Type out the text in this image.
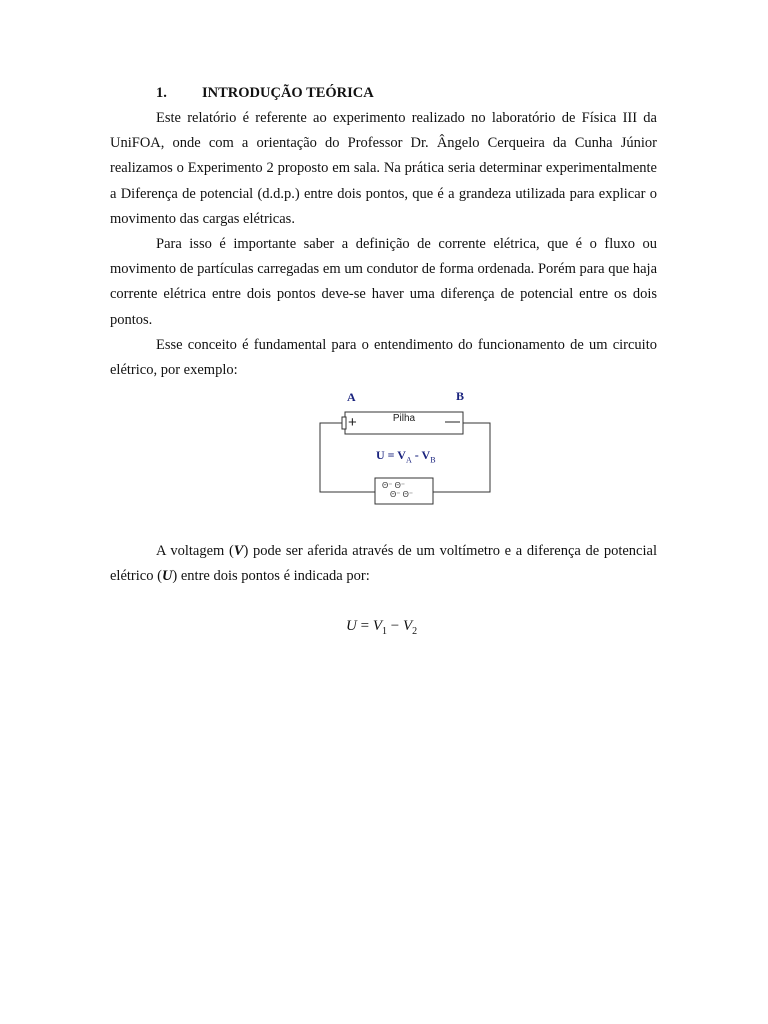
1.	INTRODUÇÃO TEÓRICA

Este relatório é referente ao experimento realizado no laboratório de Física III da UniFOA, onde com a orientação do Professor Dr. Ângelo Cerqueira da Cunha Júnior realizamos o Experimento 2 proposto em sala. Na prática seria determinar experimentalmente a Diferença de potencial (d.d.p.) entre dois pontos, que é a grandeza utilizada para explicar o movimento das cargas elétricas.

Para isso é importante saber a definição de corrente elétrica, que é o fluxo ou movimento de partículas carregadas em um condutor de forma ordenada. Porém para que haja corrente elétrica entre dois pontos deve-se haver uma diferença de potencial entre os dois pontos.

Esse conceito é fundamental para o entendimento do funcionamento de um circuito elétrico, por exemplo:

A	B
+	—
Pilha
$U = V_A - V_B$
Θ⁻ Θ⁻
Θ⁻ Θ⁻

A voltagem (V) pode ser aferida através de um voltímetro e a diferença de potencial elétrico (U) entre dois pontos é indicada por:

$U = V_1 - V_2$
